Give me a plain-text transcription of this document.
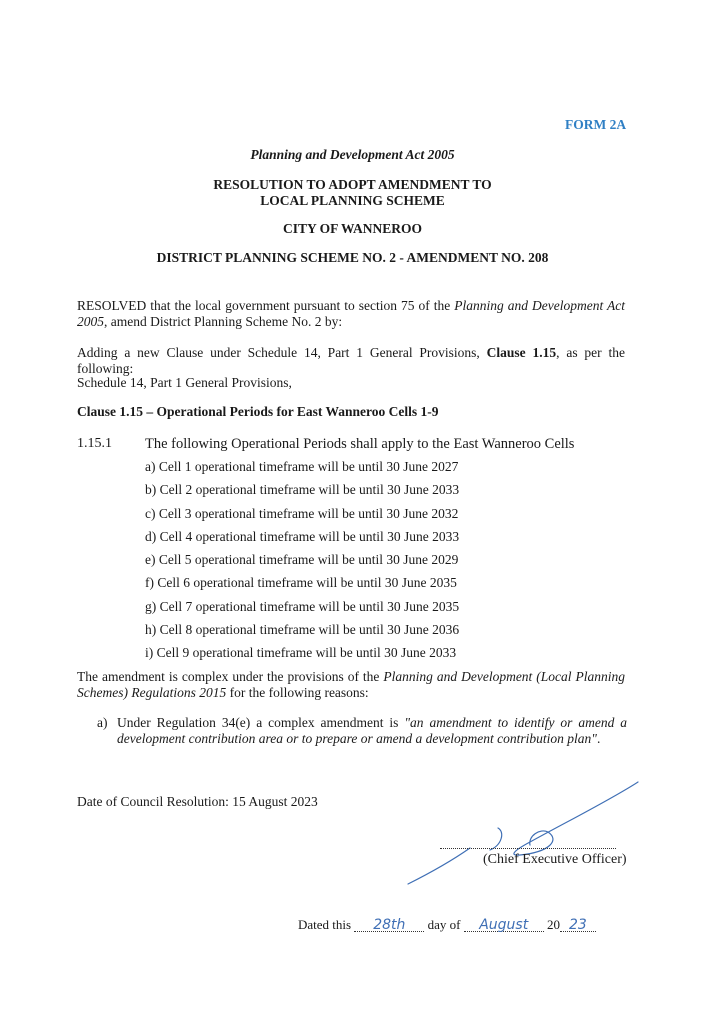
FORM 2A
Planning and Development Act 2005
RESOLUTION TO ADOPT AMENDMENT TO
LOCAL PLANNING SCHEME
CITY OF WANNEROO
DISTRICT PLANNING SCHEME NO. 2 - AMENDMENT NO. 208
RESOLVED that the local government pursuant to section 75 of the Planning and Development Act 2005, amend District Planning Scheme No. 2 by:
Adding a new Clause under Schedule 14, Part 1 General Provisions, Clause 1.15, as per the following:
Schedule 14, Part 1 General Provisions,
Clause 1.15 – Operational Periods for East Wanneroo Cells 1-9
1.15.1 The following Operational Periods shall apply to the East Wanneroo Cells
a) Cell 1 operational timeframe will be until 30 June 2027
b) Cell 2 operational timeframe will be until 30 June 2033
c) Cell 3 operational timeframe will be until 30 June 2032
d) Cell 4 operational timeframe will be until 30 June 2033
e) Cell 5 operational timeframe will be until 30 June 2029
f) Cell 6 operational timeframe will be until 30 June 2035
g) Cell 7 operational timeframe will be until 30 June 2035
h) Cell 8 operational timeframe will be until 30 June 2036
i) Cell 9 operational timeframe will be until 30 June 2033
The amendment is complex under the provisions of the Planning and Development (Local Planning Schemes) Regulations 2015 for the following reasons:
a) Under Regulation 34(e) a complex amendment is "an amendment to identify or amend a development contribution area or to prepare or amend a development contribution plan".
Date of Council Resolution: 15 August 2023
(Chief Executive Officer)
Dated this 28th day of August 20 23
